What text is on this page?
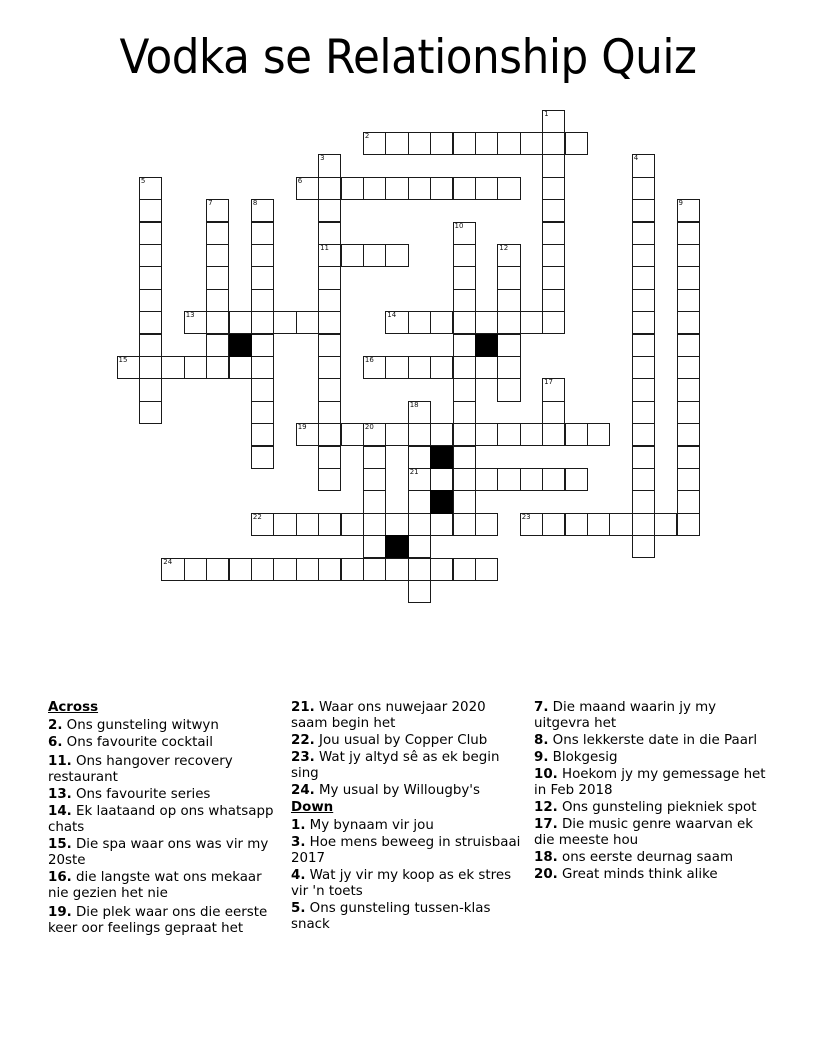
Vodka se Relationship Quiz
1
2
3
11
4
5	6
7	8	9
10
12
13	14
15	16
17
18
21
19	20
22	23
24
Across
2. Ons gunsteling witwyn
6. Ons favourite cocktail
11. Ons hangover recovery restaurant
13. Ons favourite series
14. Ek laataand op ons whatsapp chats
15. Die spa waar ons was vir my 20ste
16. die langste wat ons mekaar nie gezien het nie
19. Die plek waar ons die eerste keer oor feelings gepraat het
21. Waar ons nuwejaar 2020 saam begin het
22. Jou usual by Copper Club
23. Wat jy altyd sê as ek begin sing
24. My usual by Willougby's
Down
1. My bynaam vir jou
3. Hoe mens beweeg in struisbaai 2017
4. Wat jy vir my koop as ek stres vir 'n toets
5. Ons gunsteling tussen-klas snack
7. Die maand waarin jy my uitgevra het
8. Ons lekkerste date in die Paarl
9. Blokgesig
10. Hoekom jy my gemessage het in Feb 2018
12. Ons gunsteling piekniek spot
17. Die music genre waarvan ek die meeste hou
18. ons eerste deurnag saam
20. Great minds think alike
